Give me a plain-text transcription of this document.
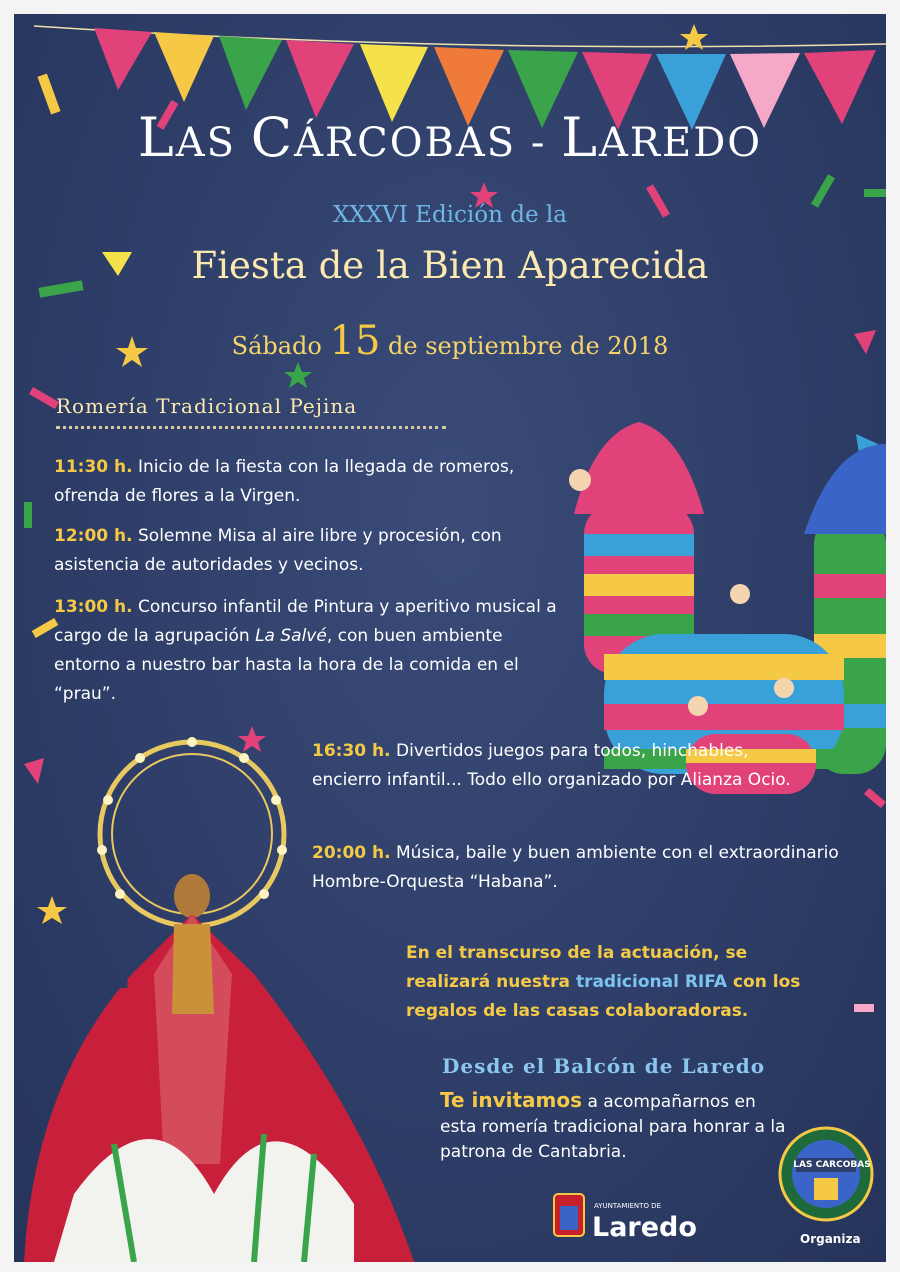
LAS CÁRCOBAS - LAREDO
XXXVI Edición de la
Fiesta de la Bien Aparecida
Sábado 15 de septiembre de 2018
Romería Tradicional Pejina
11:30 h. Inicio de la fiesta con la llegada de romeros, ofrenda de flores a la Virgen.
12:00 h. Solemne Misa al aire libre y procesión, con asistencia de autoridades y vecinos.
13:00 h. Concurso infantil de Pintura y aperitivo musical a cargo de la agrupación La Salvé, con buen ambiente entorno a nuestro bar hasta la hora de la comida en el “prau”.
16:30 h. Divertidos juegos para todos, hinchables, encierro infantil... Todo ello organizado por Alianza Ocio.
20:00 h. Música, baile y buen ambiente con el extraordinario Hombre-Orquesta “Habana”.
En el transcurso de la actuación, se realizará nuestra tradicional RIFA con los regalos de las casas colaboradoras.
Desde el Balcón de Laredo
Te invitamos a acompañarnos en esta romería tradicional para honrar a la patrona de Cantabria.
AYUNTAMIENTO DE
Laredo
LAS CARCOBAS
Organiza
